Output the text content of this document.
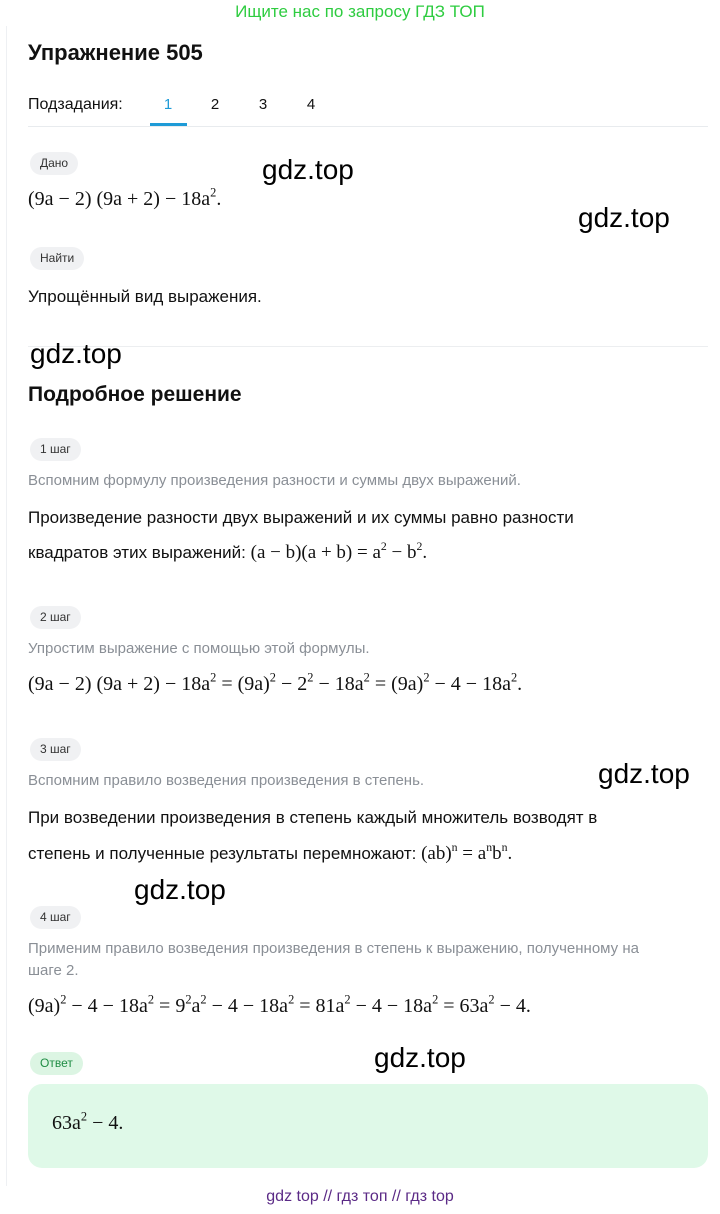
Ищите нас по запросу ГДЗ ТОП
Упражнение 505
Подзадания:	1	2	3	4
Дано
(9a − 2) $(9a + 2) - 18a^2$.
Найти
Упрощённый вид выражения.
Подробное решение
1 шаг
Вспомним формулу произведения разности и суммы двух выражений.
Произведение разности двух выражений и их суммы равно разности
квадратов этих выражений: $(a - b)(a + b) = a^2 - b^2$.
2 шаг
Упростим выражение с помощью этой формулы.
(9a − 2) $(9a + 2) - 18a^2 = (9a)^2 - 2^2 - 18a^2 = (9a)^2 - 4 - 18a^2$.
3 шаг
Вспомним правило возведения произведения в степень.
При возведении произведения в степень каждый множитель возводят в
степень и полученные результаты перемножают: $(ab)^n = a^nb^n$.
4 шаг
Применим правило возведения произведения в степень к выражению, полученному на
шаге 2.
$(9a)^2 - 4 - 18a^2 = 9^2a^2 - 4 - 18a^2 = 81a^2 - 4 - 18a^2 = 63a^2 - 4$.
Ответ
$63a^2 - 4$.
gdz.top
gdz.top
gdz.top
gdz.top
gdz.top
gdz.top
gdz top // гдз топ // гдз top
